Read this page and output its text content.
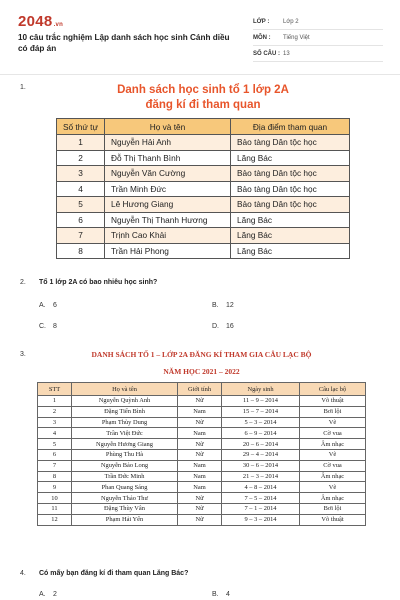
2048.vn
10 câu trắc nghiệm Lập danh sách học sinh Cánh diều có đáp án
LỚP :	Lớp 2
MÔN :	Tiếng Việt
SỐ CÂU : 13
1.	Danh sách học sinh tổ 1 lớp 2A
đăng kí đi tham quan
Số thứ tự	Họ và tên	Địa điểm tham quan
1	Nguyễn Hải Anh	Bảo tàng Dân tộc học
2	Đỗ Thị Thanh Bình	Lăng Bác
3	Nguyễn Văn Cường	Bảo tàng Dân tộc học
4	Trần Minh Đức	Bảo tàng Dân tộc học
5	Lê Hương Giang	Bảo tàng Dân tộc học
6	Nguyễn Thị Thanh Hương	Lăng Bác
7	Trịnh Cao Khải	Lăng Bác
8	Trần Hải Phong	Lăng Bác
2. Tổ 1 lớp 2A có bao nhiêu học sinh?
A. 6	B. 12
C. 8	D. 16
3.	DANH SÁCH TỔ 1 – LỚP 2A ĐĂNG KÍ THAM GIA CÂU LẠC BỘ
NĂM HỌC 2021 – 2022
STT	Họ và tên	Giới tính	Ngày sinh	Câu lạc bộ
1	Nguyễn Quỳnh Anh	Nữ	11 – 9 – 2014	Võ thuật
2	Đặng Tiến Bình	Nam	15 – 7 – 2014	Bơi lội
3	Phạm Thùy Dung	Nữ	5 – 3 – 2014	Vẽ
4	Trần Việt Đức	Nam	6 – 9 – 2014	Cờ vua
5	Nguyễn Hương Giang	Nữ	20 – 6 – 2014	Âm nhạc
6	Phùng Thu Hà	Nữ	29 – 4 – 2014	Vẽ
7	Nguyễn Bảo Long	Nam	30 – 6 – 2014	Cờ vua
8	Trần Đức Minh	Nam	21 – 3 – 2014	Âm nhạc
9	Phan Quang Sáng	Nam	4 – 8 – 2014	Vẽ
10	Nguyễn Thảo Thư	Nữ	7 – 5 – 2014	Âm nhạc
11	Đặng Thùy Vân	Nữ	7 – 1 – 2014	Bơi lội
12	Phạm Hải Yến	Nữ	9 – 3 – 2014	Võ thuật
4. Có mấy bạn đăng kí đi tham quan Lăng Bác?
A. 2	B. 4
